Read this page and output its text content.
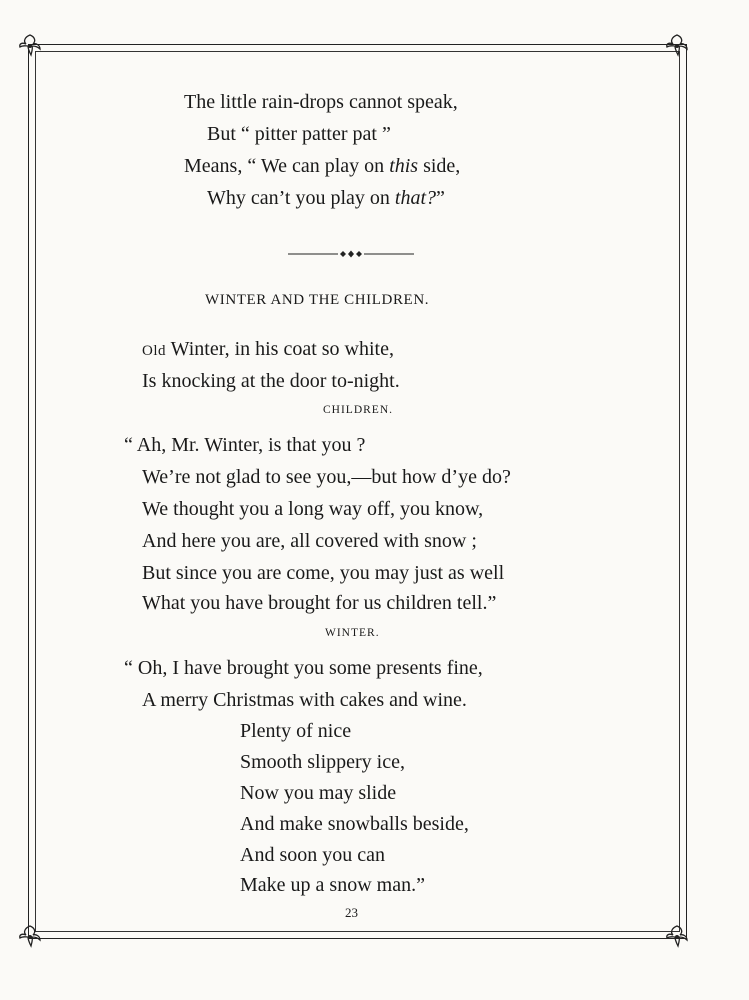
The little rain-drops cannot speak,
But “ pitter patter pat ”
Means, “ We can play on this side,
Why can’t you play on that?”
WINTER AND THE CHILDREN.
Old Winter, in his coat so white,
Is knocking at the door to-night.
CHILDREN.
“ Ah, Mr. Winter, is that you ?
We’re not glad to see you,—but how d’ye do?
We thought you a long way off, you know,
And here you are, all covered with snow ;
But since you are come, you may just as well
What you have brought for us children tell.”
WINTER.
“ Oh, I have brought you some presents fine,
A merry Christmas with cakes and wine.
Plenty of nice
Smooth slippery ice,
Now you may slide
And make snowballs beside,
And soon you can
Make up a snow man.”
23
